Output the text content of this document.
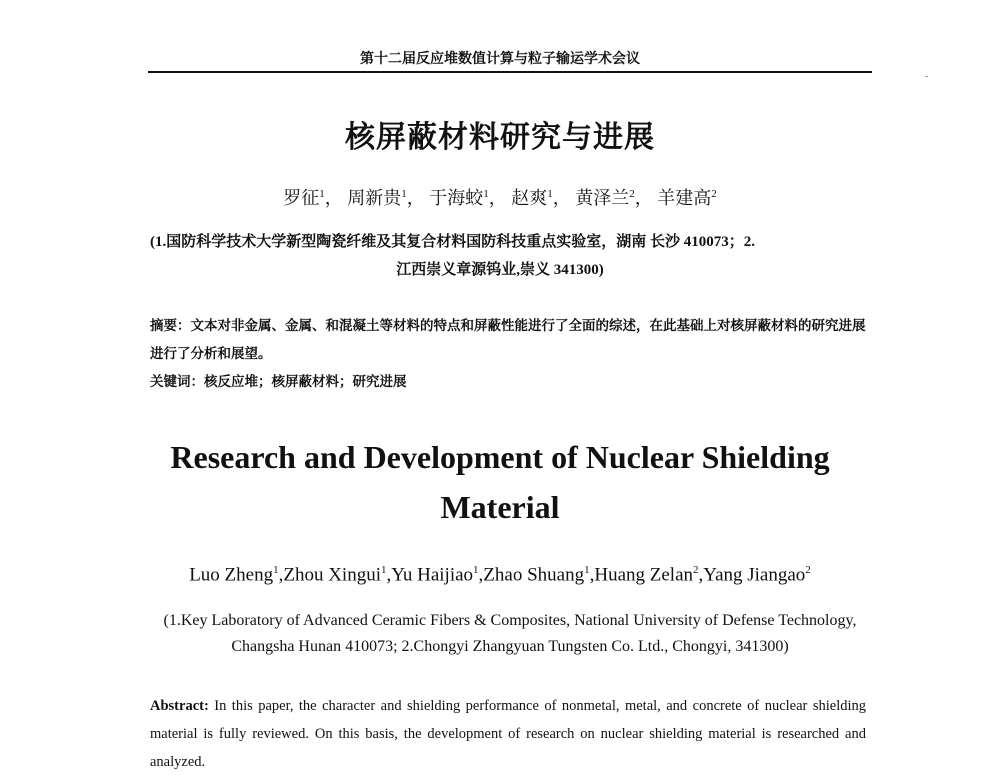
第十二届反应堆数值计算与粒子输运学术会议
核屏蔽材料研究与进展
罗征$^1$， 周新贵$^1$， 于海蛟$^1$， 赵爽$^1$， 黄泽兰$^2$， 羊建高$^2$
(1.国防科学技术大学新型陶瓷纤维及其复合材料国防科技重点实验室，湖南 长沙 410073；2.
江西崇义章源钨业,崇义 341300)
摘要：文本对非金属、金属、和混凝土等材料的特点和屏蔽性能进行了全面的综述，在此基础上对核屏蔽材料的研究进展进行了分析和展望。
关键词：核反应堆；核屏蔽材料；研究进展
Research and Development of Nuclear Shielding
Material
Luo Zheng$^1$,Zhou Xingui$^1$,Yu Haijiao$^1$,Zhao Shuang$^1$,Huang Zelan$^2$,Yang Jiangao$^2$
(1.Key Laboratory of Advanced Ceramic Fibers & Composites, National University of Defense Technology, Changsha Hunan 410073; 2.Chongyi Zhangyuan Tungsten Co. Ltd., Chongyi, 341300)
Abstract: In this paper, the character and shielding performance of nonmetal, metal, and concrete of nuclear shielding material is fully reviewed. On this basis, the development of research on nuclear shielding material is researched and analyzed.
